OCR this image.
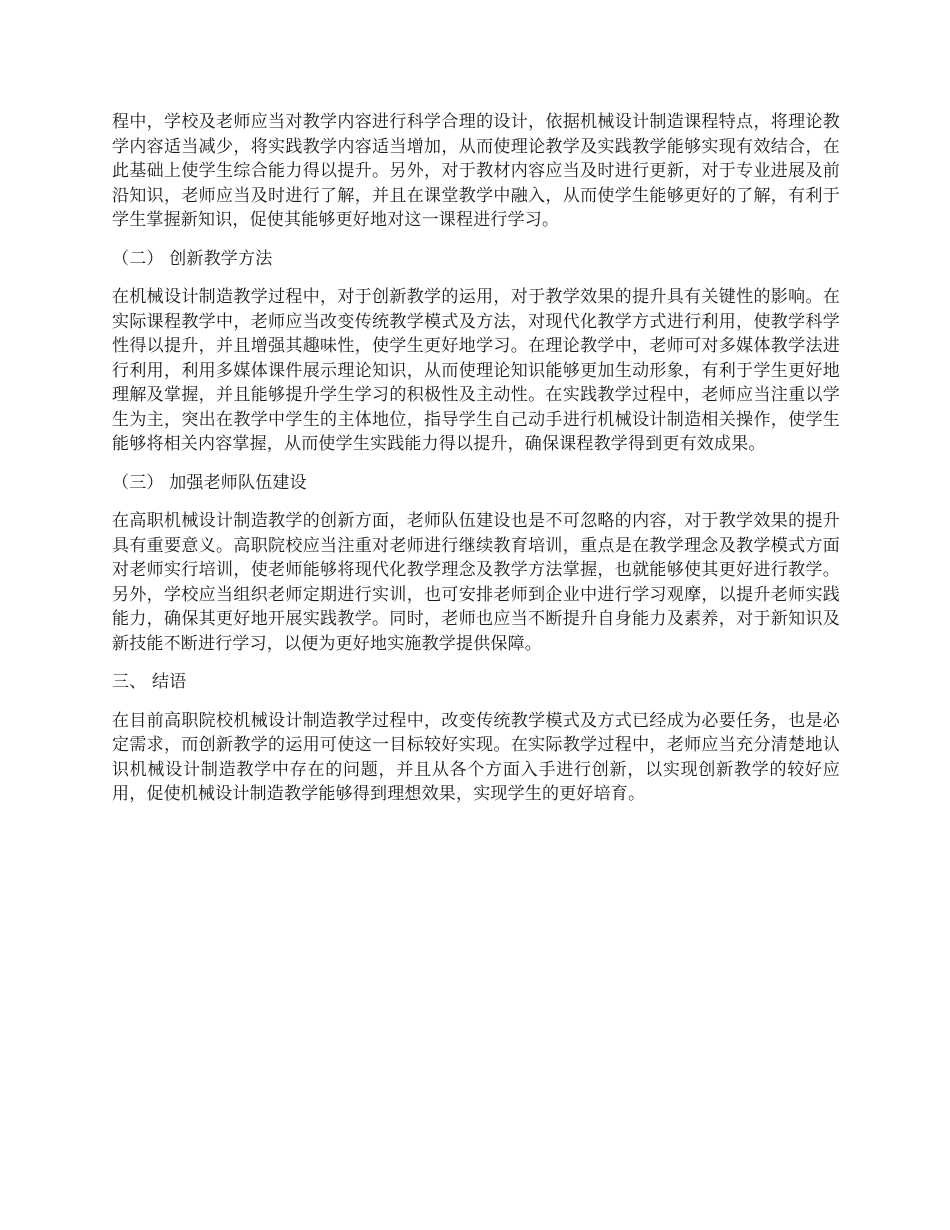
程中，学校及老师应当对教学内容进行科学合理的设计，依据机械设计制造课程特点，将理论教学内容适当减少，将实践教学内容适当增加，从而使理论教学及实践教学能够实现有效结合，在此基础上使学生综合能力得以提升。另外，对于教材内容应当及时进行更新，对于专业进展及前沿知识，老师应当及时进行了解，并且在课堂教学中融入，从而使学生能够更好的了解，有利于学生掌握新知识，促使其能够更好地对这一课程进行学习。

（二） 创新教学方法

在机械设计制造教学过程中，对于创新教学的运用，对于教学效果的提升具有关键性的影响。在实际课程教学中，老师应当改变传统教学模式及方法，对现代化教学方式进行利用，使教学科学性得以提升，并且增强其趣味性，使学生更好地学习。在理论教学中，老师可对多媒体教学法进行利用，利用多媒体课件展示理论知识，从而使理论知识能够更加生动形象，有利于学生更好地理解及掌握，并且能够提升学生学习的积极性及主动性。在实践教学过程中，老师应当注重以学生为主，突出在教学中学生的主体地位，指导学生自己动手进行机械设计制造相关操作，使学生能够将相关内容掌握，从而使学生实践能力得以提升，确保课程教学得到更有效成果。

（三） 加强老师队伍建设

在高职机械设计制造教学的创新方面，老师队伍建设也是不可忽略的内容，对于教学效果的提升具有重要意义。高职院校应当注重对老师进行继续教育培训，重点是在教学理念及教学模式方面对老师实行培训，使老师能够将现代化教学理念及教学方法掌握，也就能够使其更好进行教学。另外，学校应当组织老师定期进行实训，也可安排老师到企业中进行学习观摩，以提升老师实践能力，确保其更好地开展实践教学。同时，老师也应当不断提升自身能力及素养，对于新知识及新技能不断进行学习，以便为更好地实施教学提供保障。

三、 结语

在目前高职院校机械设计制造教学过程中，改变传统教学模式及方式已经成为必要任务，也是必定需求，而创新教学的运用可使这一目标较好实现。在实际教学过程中，老师应当充分清楚地认识机械设计制造教学中存在的问题，并且从各个方面入手进行创新，以实现创新教学的较好应用，促使机械设计制造教学能够得到理想效果，实现学生的更好培育。
